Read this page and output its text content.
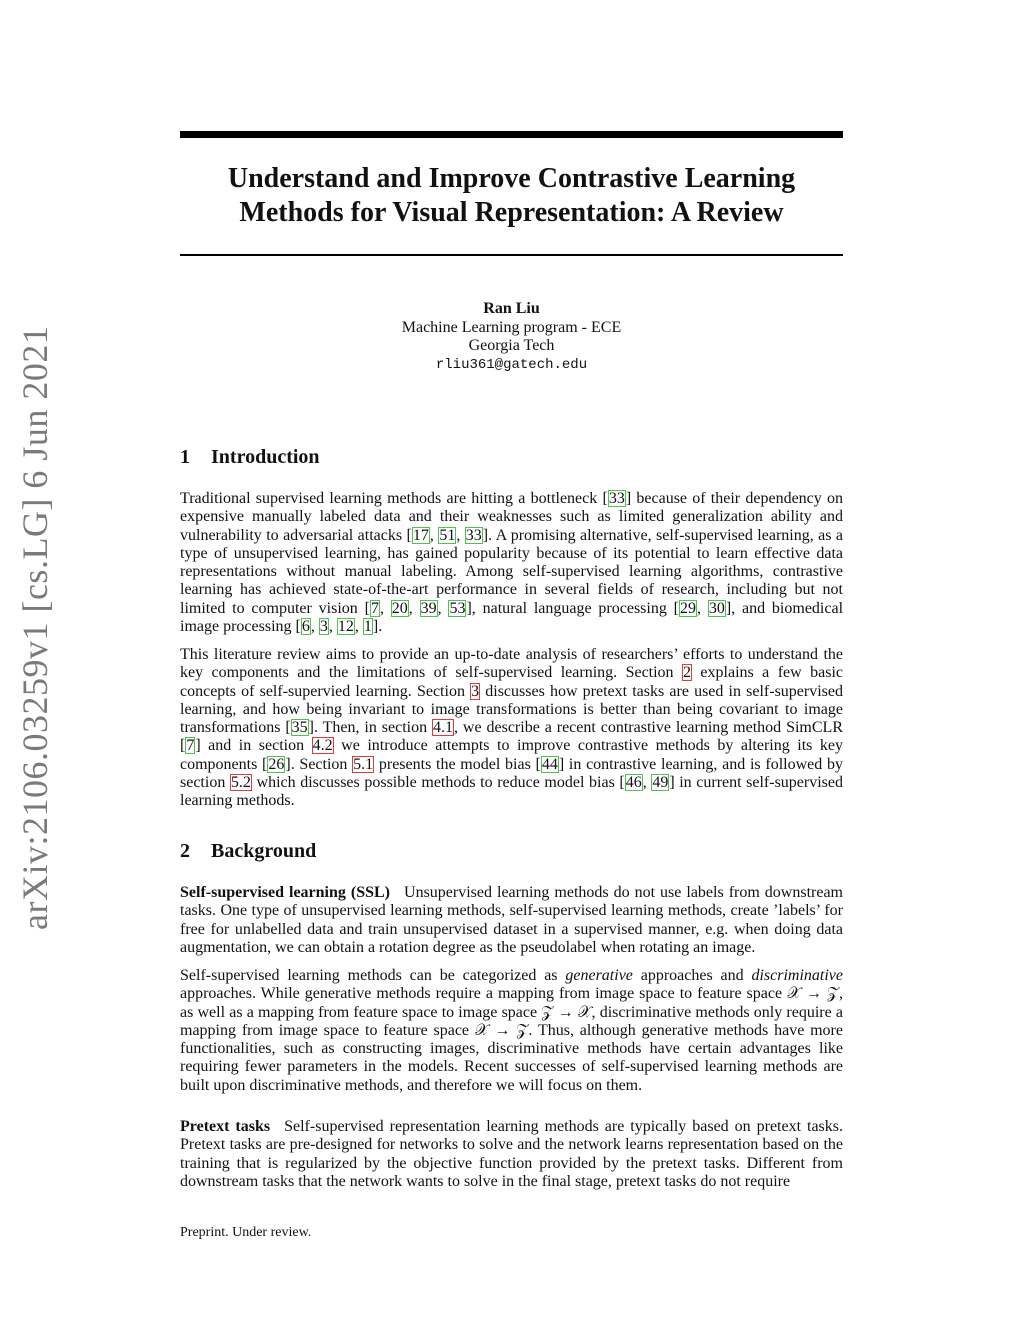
arXiv:2106.03259v1 [cs.LG] 6 Jun 2021
Understand and Improve Contrastive Learning
Methods for Visual Representation: A Review
Ran Liu
Machine Learning program - ECE
Georgia Tech
rliu361@gatech.edu
1 Introduction

Traditional supervised learning methods are hitting a bottleneck [33] because of their dependency on expensive manually labeled data and their weaknesses such as limited generalization ability and vulnerability to adversarial attacks [17, 51, 33]. A promising alternative, self-supervised learning, as a type of unsupervised learning, has gained popularity because of its potential to learn effective data representations without manual labeling. Among self-supervised learning algorithms, contrastive learning has achieved state-of-the-art performance in several fields of research, including but not limited to computer vision [7, 20, 39, 53], natural language processing [29, 30], and biomedical image processing [6, 3, 12, 1].

This literature review aims to provide an up-to-date analysis of researchers’ efforts to understand the key components and the limitations of self-supervised learning. Section 2 explains a few basic concepts of self-supervied learning. Section 3 discusses how pretext tasks are used in self-supervised learning, and how being invariant to image transformations is better than being covariant to image transformations [35]. Then, in section 4.1, we describe a recent contrastive learning method SimCLR [7] and in section 4.2 we introduce attempts to improve contrastive methods by altering its key components [26]. Section 5.1 presents the model bias [44] in contrastive learning, and is followed by section 5.2 which discusses possible methods to reduce model bias [46, 49] in current self-supervised learning methods.

2 Background

Self-supervised learning (SSL) Unsupervised learning methods do not use labels from downstream tasks. One type of unsupervised learning methods, self-supervised learning methods, create ’labels’ for free for unlabelled data and train unsupervised dataset in a supervised manner, e.g. when doing data augmentation, we can obtain a rotation degree as the pseudolabel when rotating an image.

Self-supervised learning methods can be categorized as generative approaches and discriminative approaches. While generative methods require a mapping from image space to feature space 𝒳 → 𝒵, as well as a mapping from feature space to image space 𝒵 → 𝒳, discriminative methods only require a mapping from image space to feature space 𝒳 → 𝒵. Thus, although generative methods have more functionalities, such as constructing images, discriminative methods have certain advantages like requiring fewer parameters in the models. Recent successes of self-supervised learning methods are built upon discriminative methods, and therefore we will focus on them.

Pretext tasks Self-supervised representation learning methods are typically based on pretext tasks. Pretext tasks are pre-designed for networks to solve and the network learns representation based on the training that is regularized by the objective function provided by the pretext tasks. Different from downstream tasks that the network wants to solve in the final stage, pretext tasks do not require

Preprint. Under review.
